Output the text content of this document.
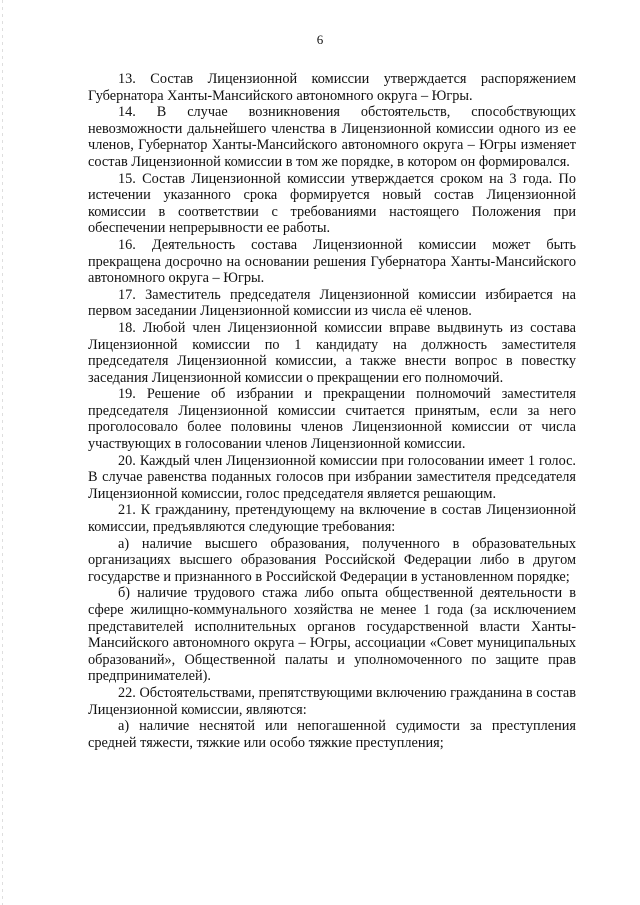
6

13. Состав Лицензионной комиссии утверждается распоряжением Губернатора Ханты-Мансийского автономного округа – Югры.

14. В случае возникновения обстоятельств, способствующих невозможности дальнейшего членства в Лицензионной комиссии одного из ее членов, Губернатор Ханты-Мансийского автономного округа – Югры изменяет состав Лицензионной комиссии в том же порядке, в котором он формировался.

15. Состав Лицензионной комиссии утверждается сроком на 3 года. По истечении указанного срока формируется новый состав Лицензионной комиссии в соответствии с требованиями настоящего Положения при обеспечении непрерывности ее работы.

16. Деятельность состава Лицензионной комиссии может быть прекращена досрочно на основании решения Губернатора Ханты-Мансийского автономного округа – Югры.

17. Заместитель председателя Лицензионной комиссии избирается на первом заседании Лицензионной комиссии из числа её членов.

18. Любой член Лицензионной комиссии вправе выдвинуть из состава Лицензионной комиссии по 1 кандидату на должность заместителя председателя Лицензионной комиссии, а также внести вопрос в повестку заседания Лицензионной комиссии о прекращении его полномочий.

19. Решение об избрании и прекращении полномочий заместителя председателя Лицензионной комиссии считается принятым, если за него проголосовало более половины членов Лицензионной комиссии от числа участвующих в голосовании членов Лицензионной комиссии.

20. Каждый член Лицензионной комиссии при голосовании имеет 1 голос. В случае равенства поданных голосов при избрании заместителя председателя Лицензионной комиссии, голос председателя является решающим.

21. К гражданину, претендующему на включение в состав Лицензионной комиссии, предъявляются следующие требования:

а) наличие высшего образования, полученного в образовательных организациях высшего образования Российской Федерации либо в другом государстве и признанного в Российской Федерации в установленном порядке;

б) наличие трудового стажа либо опыта общественной деятельности в сфере жилищно-коммунального хозяйства не менее 1 года (за исключением представителей исполнительных органов государственной власти Ханты-Мансийского автономного округа – Югры, ассоциации «Совет муниципальных образований», Общественной палаты и уполномоченного по защите прав предпринимателей).

22. Обстоятельствами, препятствующими включению гражданина в состав Лицензионной комиссии, являются:

а) наличие неснятой или непогашенной судимости за преступления средней тяжести, тяжкие или особо тяжкие преступления;
